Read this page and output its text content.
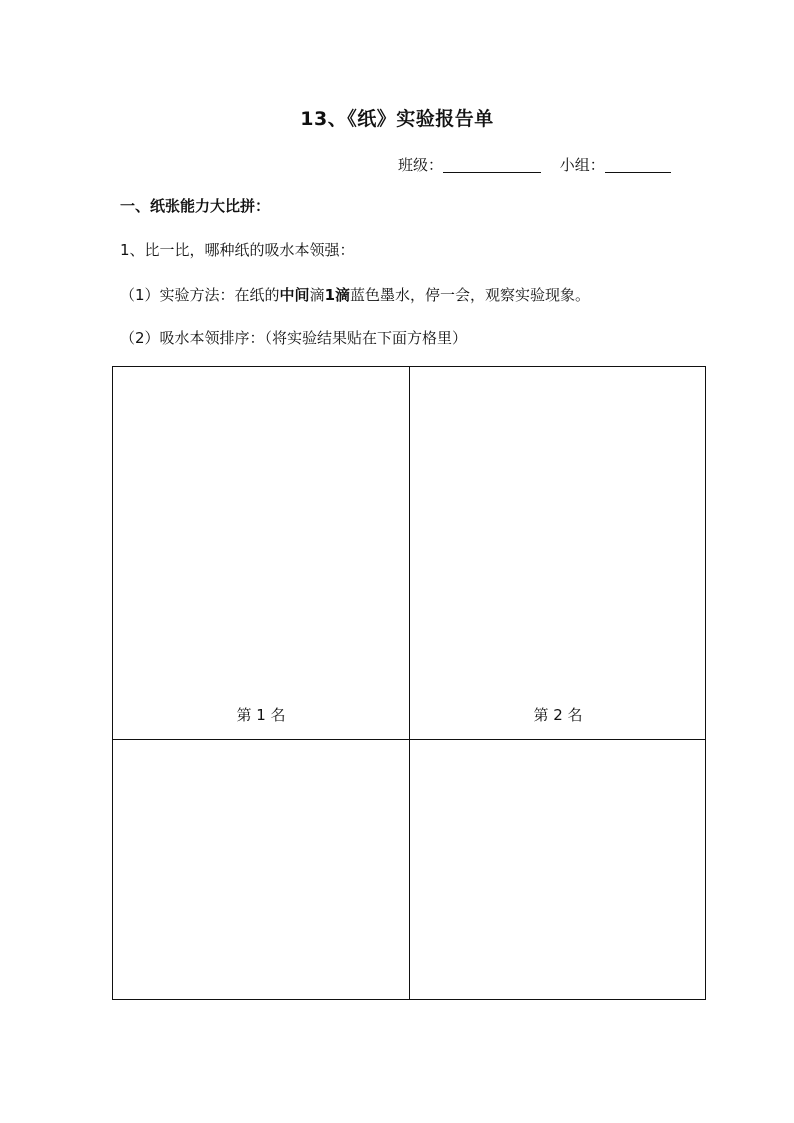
13、《纸》实验报告单
班级：	小组：
一、纸张能力大比拼：
1、比一比，哪种纸的吸水本领强：
（1）实验方法：在纸的中间滴1滴蓝色墨水，停一会，观察实验现象。
（2）吸水本领排序：（将实验结果贴在下面方格里）
第 1 名	第 2 名
